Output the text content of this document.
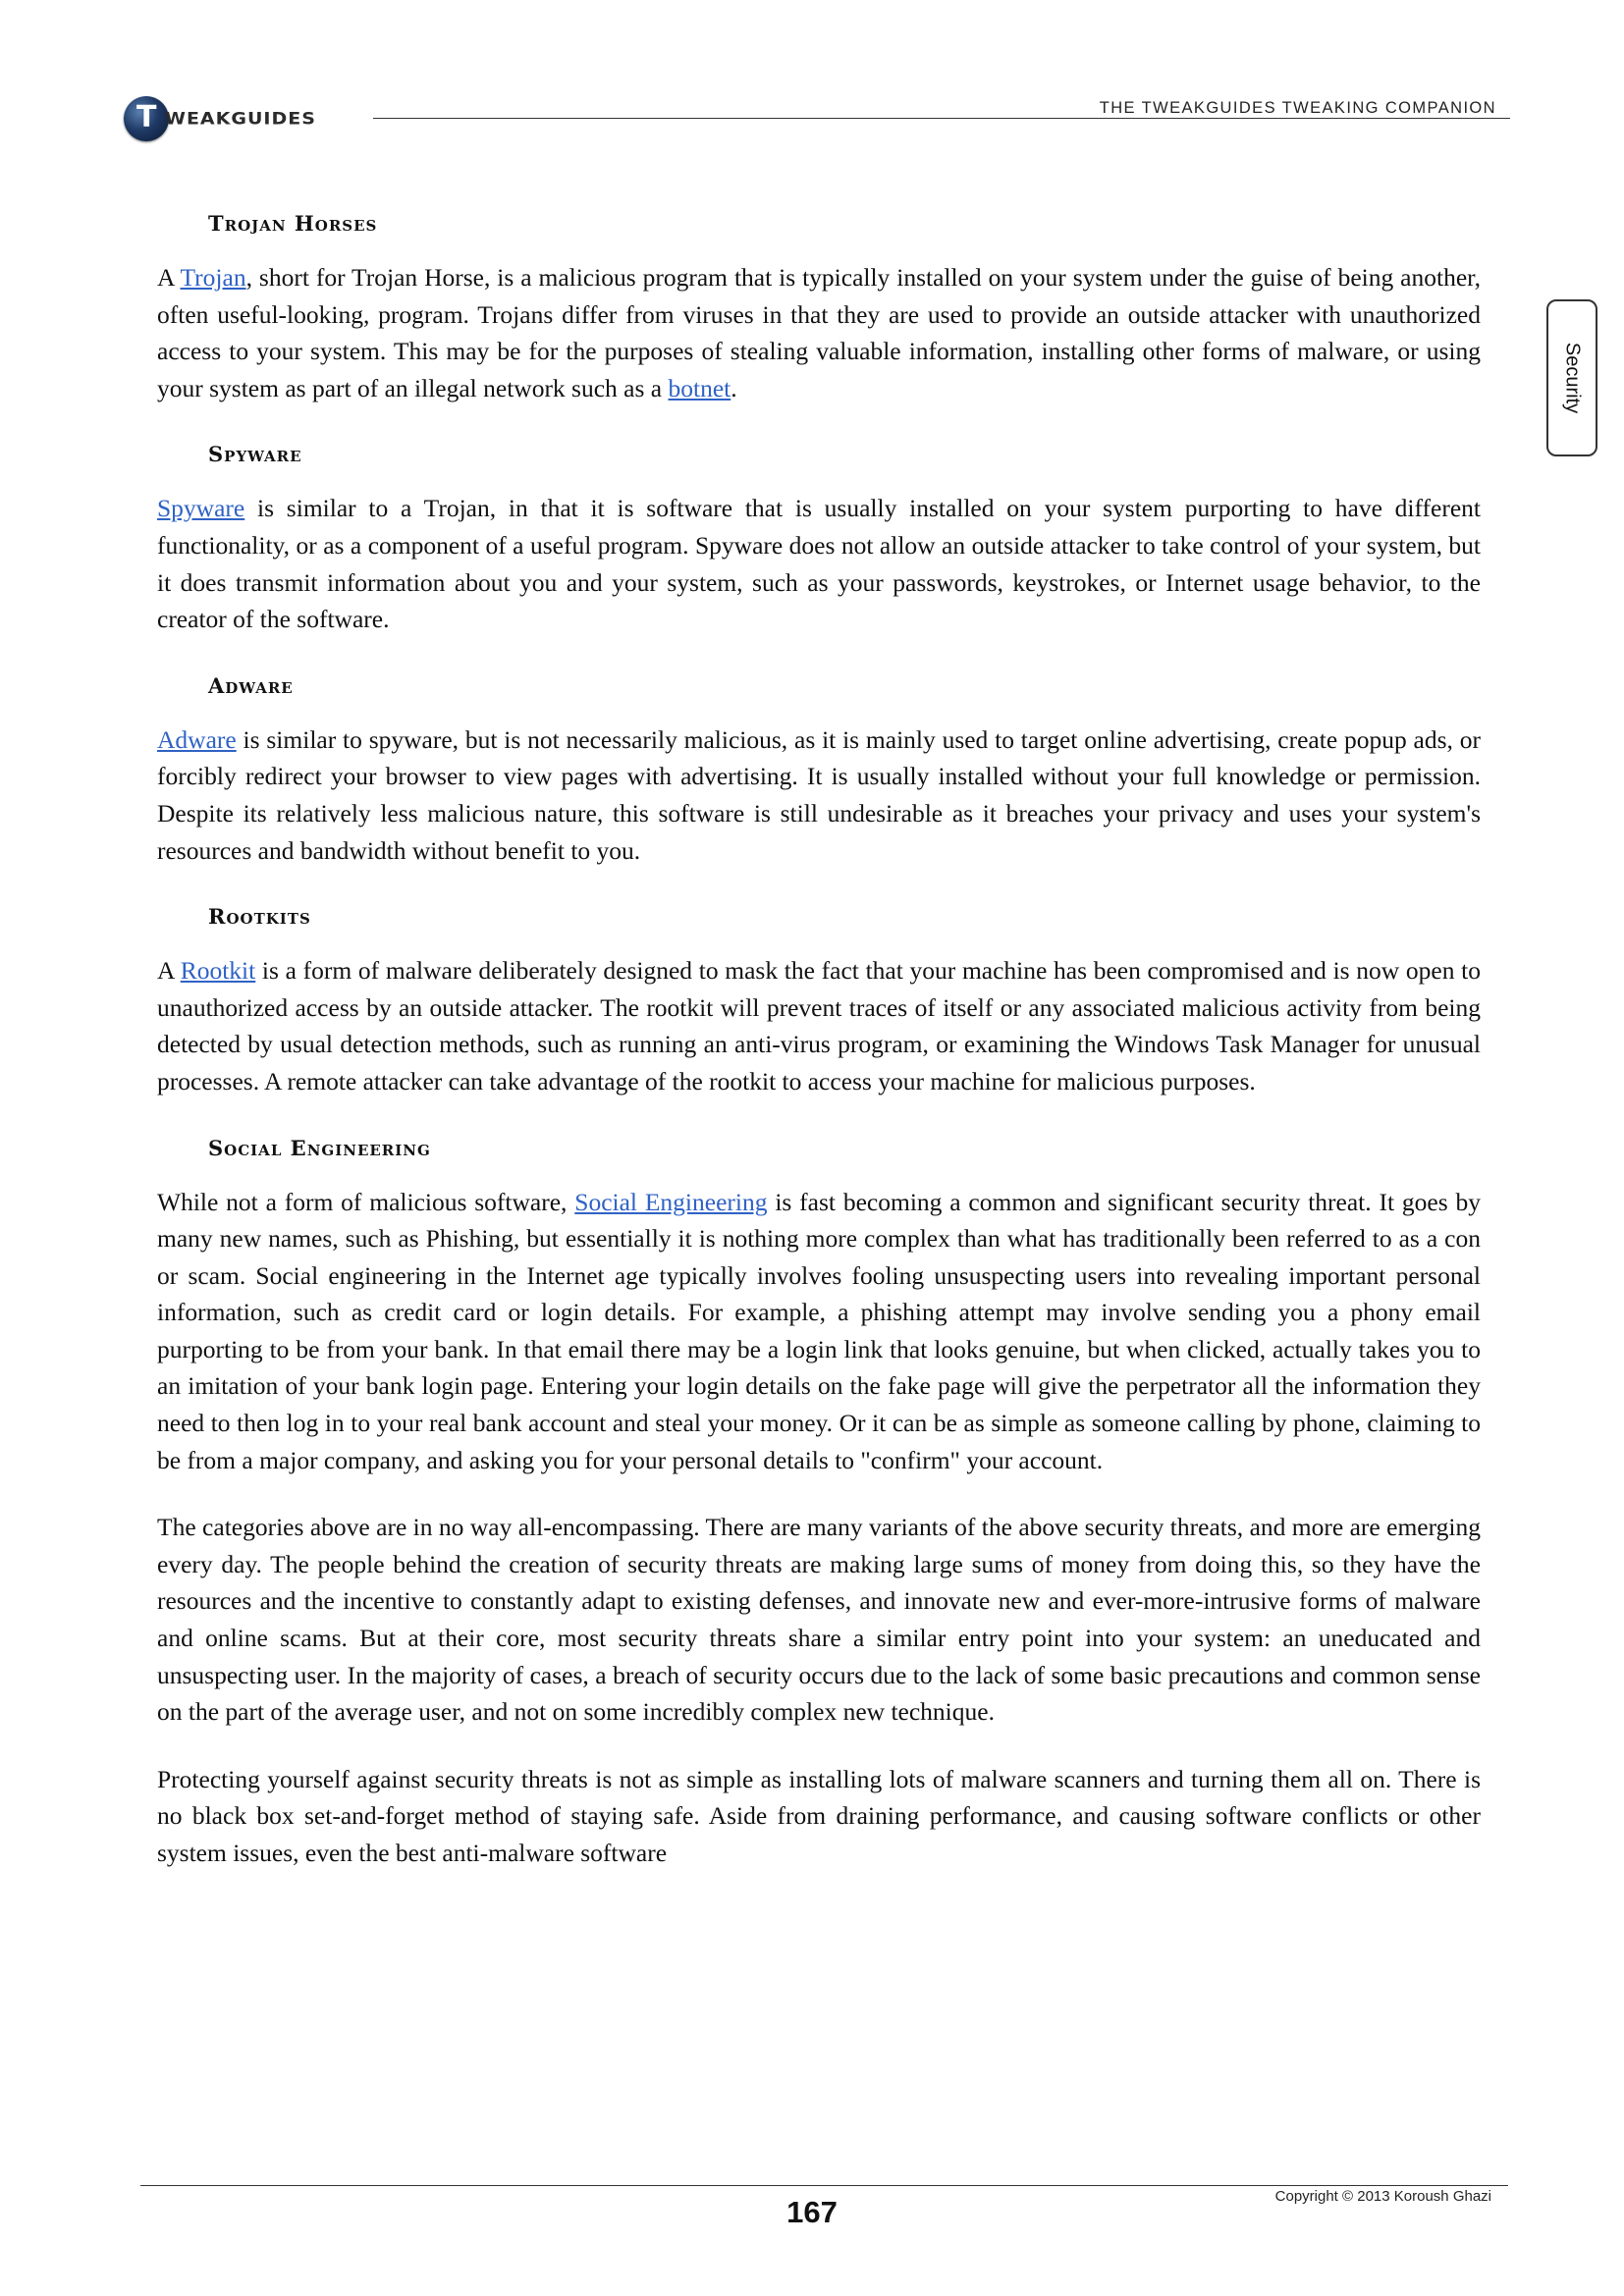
T WEAKGUIDES
THE TWEAKGUIDES TWEAKING COMPANION
Security
Trojan Horses

A Trojan, short for Trojan Horse, is a malicious program that is typically installed on your system under the guise of being another, often useful-looking, program. Trojans differ from viruses in that they are used to provide an outside attacker with unauthorized access to your system. This may be for the purposes of stealing valuable information, installing other forms of malware, or using your system as part of an illegal network such as a botnet.

Spyware

Spyware is similar to a Trojan, in that it is software that is usually installed on your system purporting to have different functionality, or as a component of a useful program. Spyware does not allow an outside attacker to take control of your system, but it does transmit information about you and your system, such as your passwords, keystrokes, or Internet usage behavior, to the creator of the software.

Adware

Adware is similar to spyware, but is not necessarily malicious, as it is mainly used to target online advertising, create popup ads, or forcibly redirect your browser to view pages with advertising. It is usually installed without your full knowledge or permission. Despite its relatively less malicious nature, this software is still undesirable as it breaches your privacy and uses your system's resources and bandwidth without benefit to you.

Rootkits

A Rootkit is a form of malware deliberately designed to mask the fact that your machine has been compromised and is now open to unauthorized access by an outside attacker. The rootkit will prevent traces of itself or any associated malicious activity from being detected by usual detection methods, such as running an anti-virus program, or examining the Windows Task Manager for unusual processes. A remote attacker can take advantage of the rootkit to access your machine for malicious purposes.

Social Engineering

While not a form of malicious software, Social Engineering is fast becoming a common and significant security threat. It goes by many new names, such as Phishing, but essentially it is nothing more complex than what has traditionally been referred to as a con or scam. Social engineering in the Internet age typically involves fooling unsuspecting users into revealing important personal information, such as credit card or login details. For example, a phishing attempt may involve sending you a phony email purporting to be from your bank. In that email there may be a login link that looks genuine, but when clicked, actually takes you to an imitation of your bank login page. Entering your login details on the fake page will give the perpetrator all the information they need to then log in to your real bank account and steal your money. Or it can be as simple as someone calling by phone, claiming to be from a major company, and asking you for your personal details to "confirm" your account.

The categories above are in no way all-encompassing. There are many variants of the above security threats, and more are emerging every day. The people behind the creation of security threats are making large sums of money from doing this, so they have the resources and the incentive to constantly adapt to existing defenses, and innovate new and ever-more-intrusive forms of malware and online scams. But at their core, most security threats share a similar entry point into your system: an uneducated and unsuspecting user. In the majority of cases, a breach of security occurs due to the lack of some basic precautions and common sense on the part of the average user, and not on some incredibly complex new technique.

Protecting yourself against security threats is not as simple as installing lots of malware scanners and turning them all on. There is no black box set-and-forget method of staying safe. Aside from draining performance, and causing software conflicts or other system issues, even the best anti-malware software

Copyright © 2013 Koroush Ghazi
167
